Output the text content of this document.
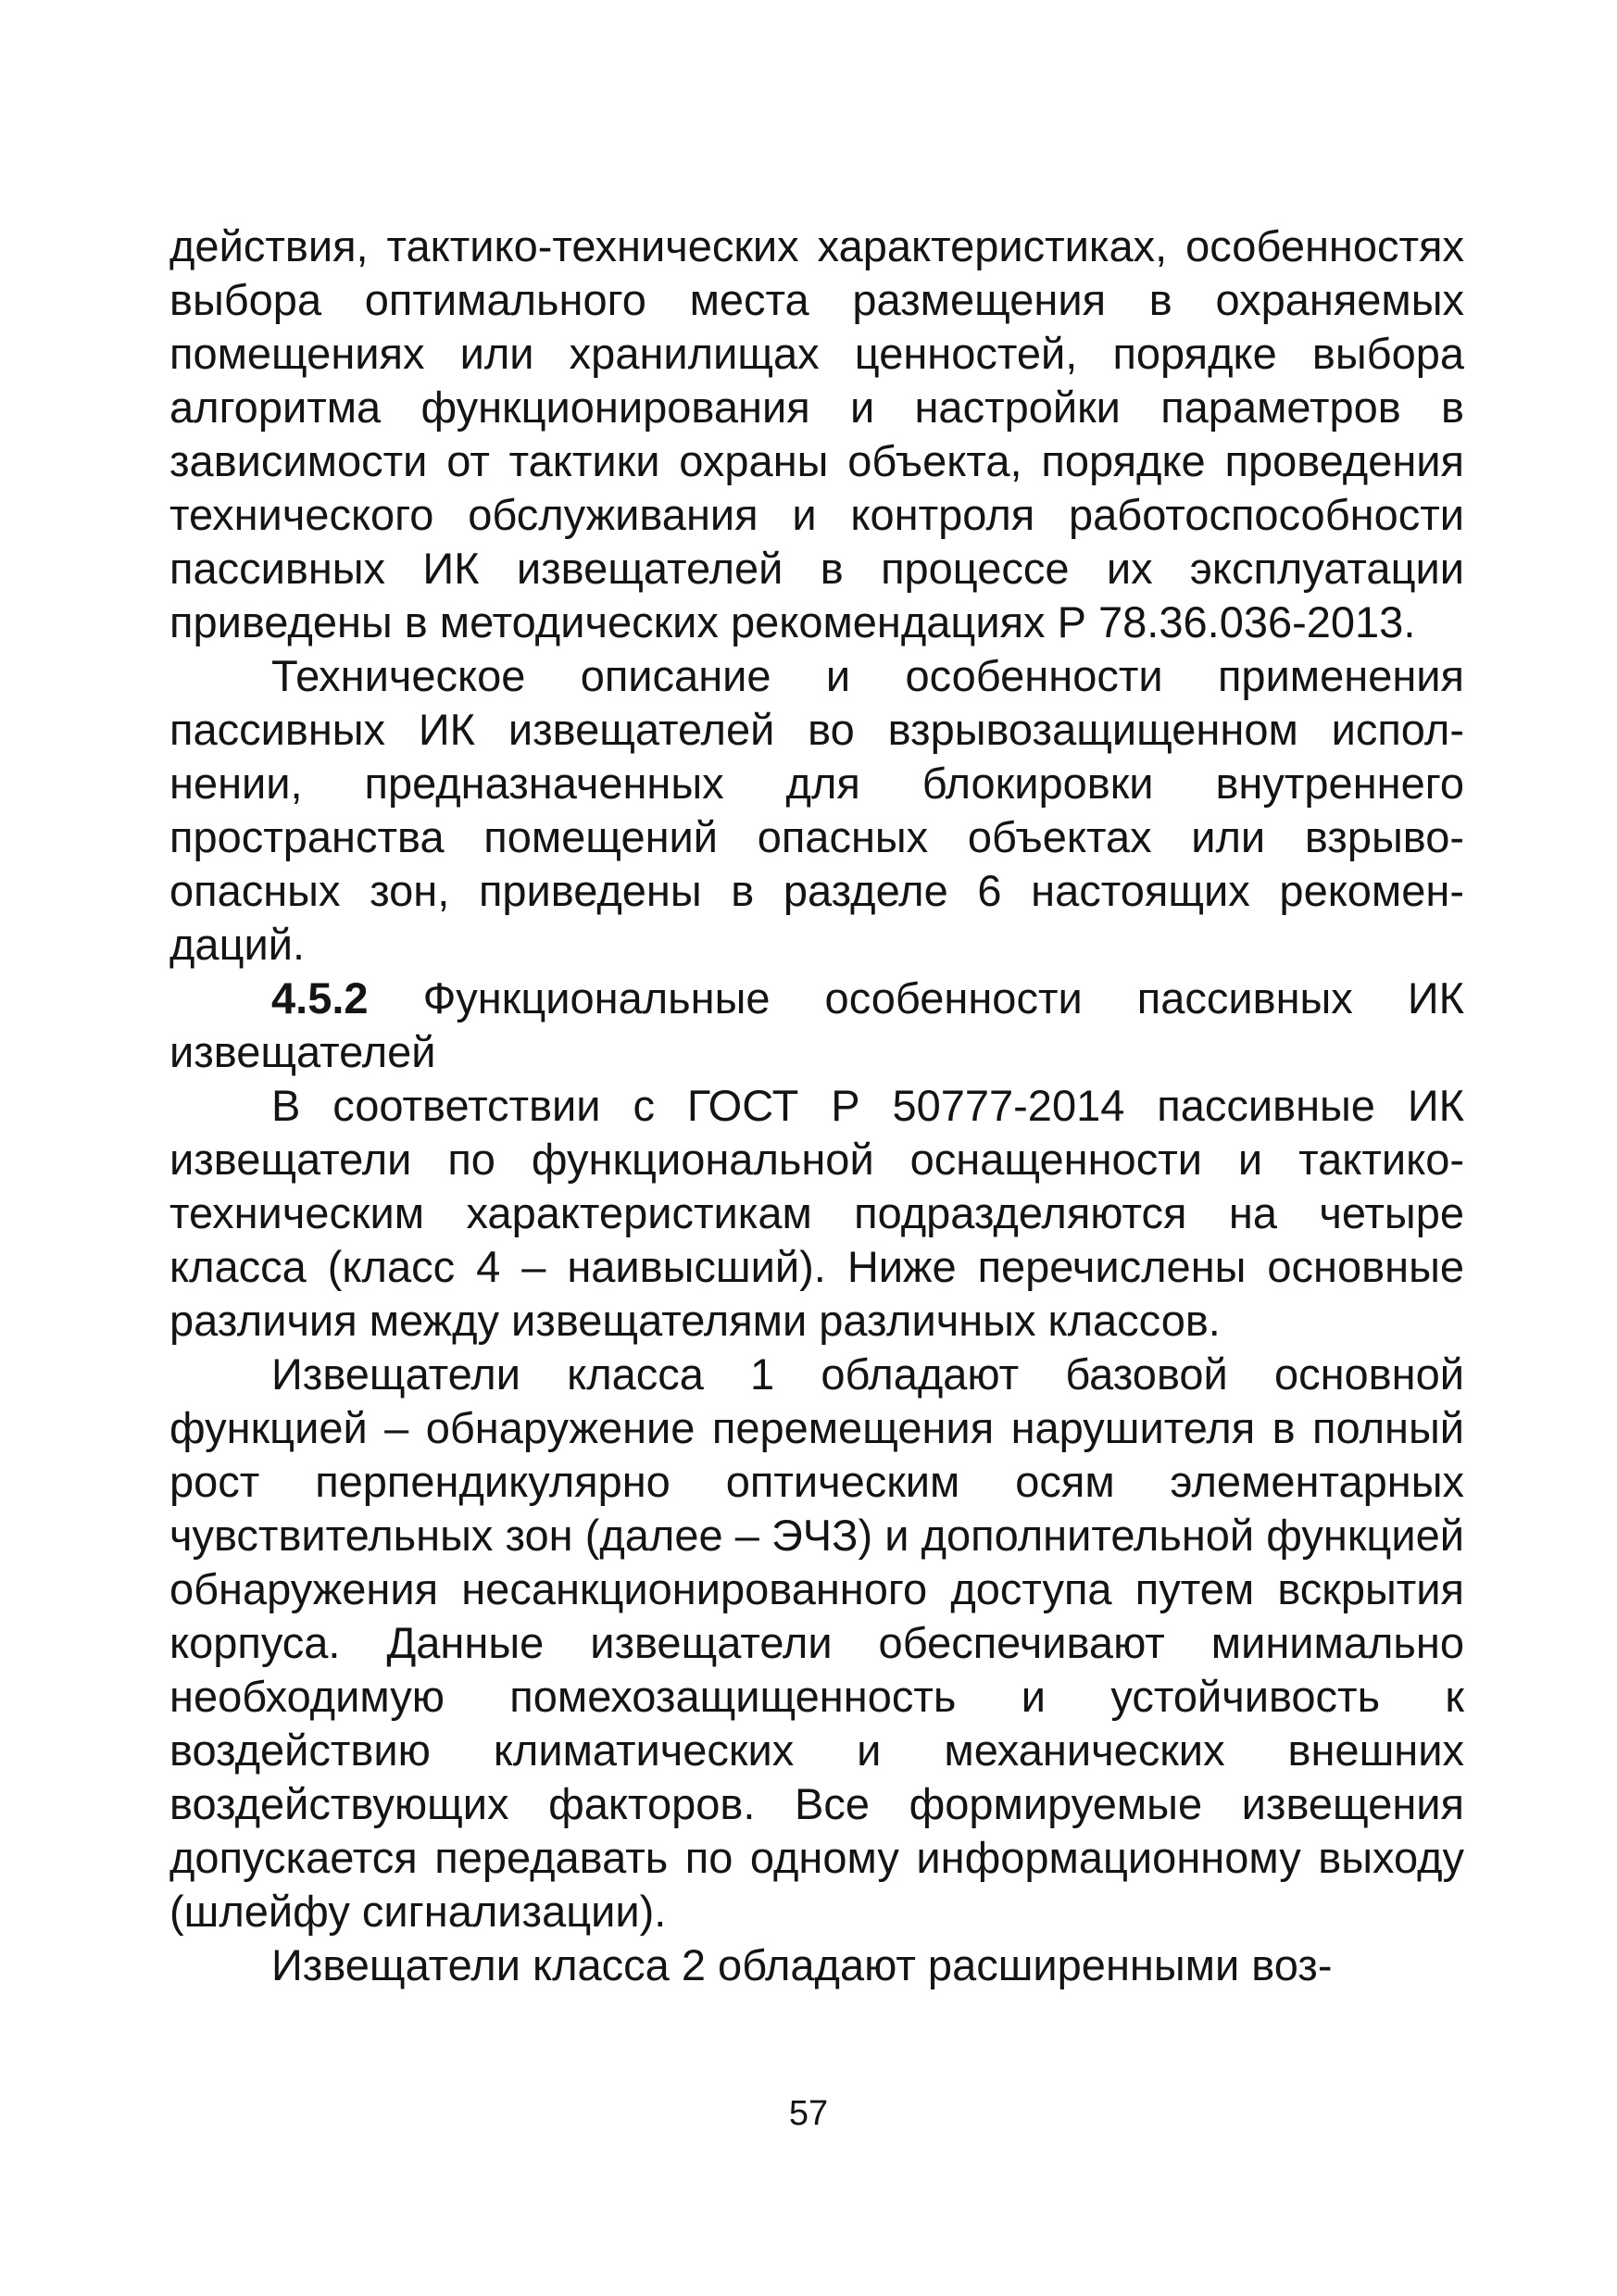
действия, тактико-технических характеристиках, особенностях выбора оптимального места размещения в охраняемых помещениях или хранилищах ценностей, порядке выбора алгоритма функционирования и настройки параметров в зависимости от тактики охраны объекта, порядке проведения технического обслуживания и контроля работоспособности пассивных ИК извещателей в процессе их эксплуатации приведены в методических рекомендациях Р 78.36.036-2013.

Техническое описание и особенности применения пассивных ИК извещателей во взрывозащищенном исполнении, предназначенных для блокировки внутреннего пространства помещений опасных объектах или взрывоопасных зон, приведены в разделе 6 настоящих рекомендаций.

4.5.2 Функциональные особенности пассивных ИК извещателей

В соответствии с ГОСТ Р 50777-2014 пассивные ИК извещатели по функциональной оснащенности и тактикотехническим характеристикам подразделяются на четыре класса (класс 4 – наивысший). Ниже перечислены основные различия между извещателями различных классов.

Извещатели класса 1 обладают базовой основной функцией – обнаружение перемещения нарушителя в полный рост перпендикулярно оптическим осям элементарных чувствительных зон (далее – ЭЧЗ) и дополнительной функцией обнаружения несанкционированного доступа путем вскрытия корпуса. Данные извещатели обеспечивают минимально необходимую помехозащищенность и устойчивость к воздействию климатических и механических внешних воздействующих факторов. Все формируемые извещения допускается передавать по одному информационному выходу (шлейфу сигнализации).

Извещатели класса 2 обладают расширенными воз-

57
